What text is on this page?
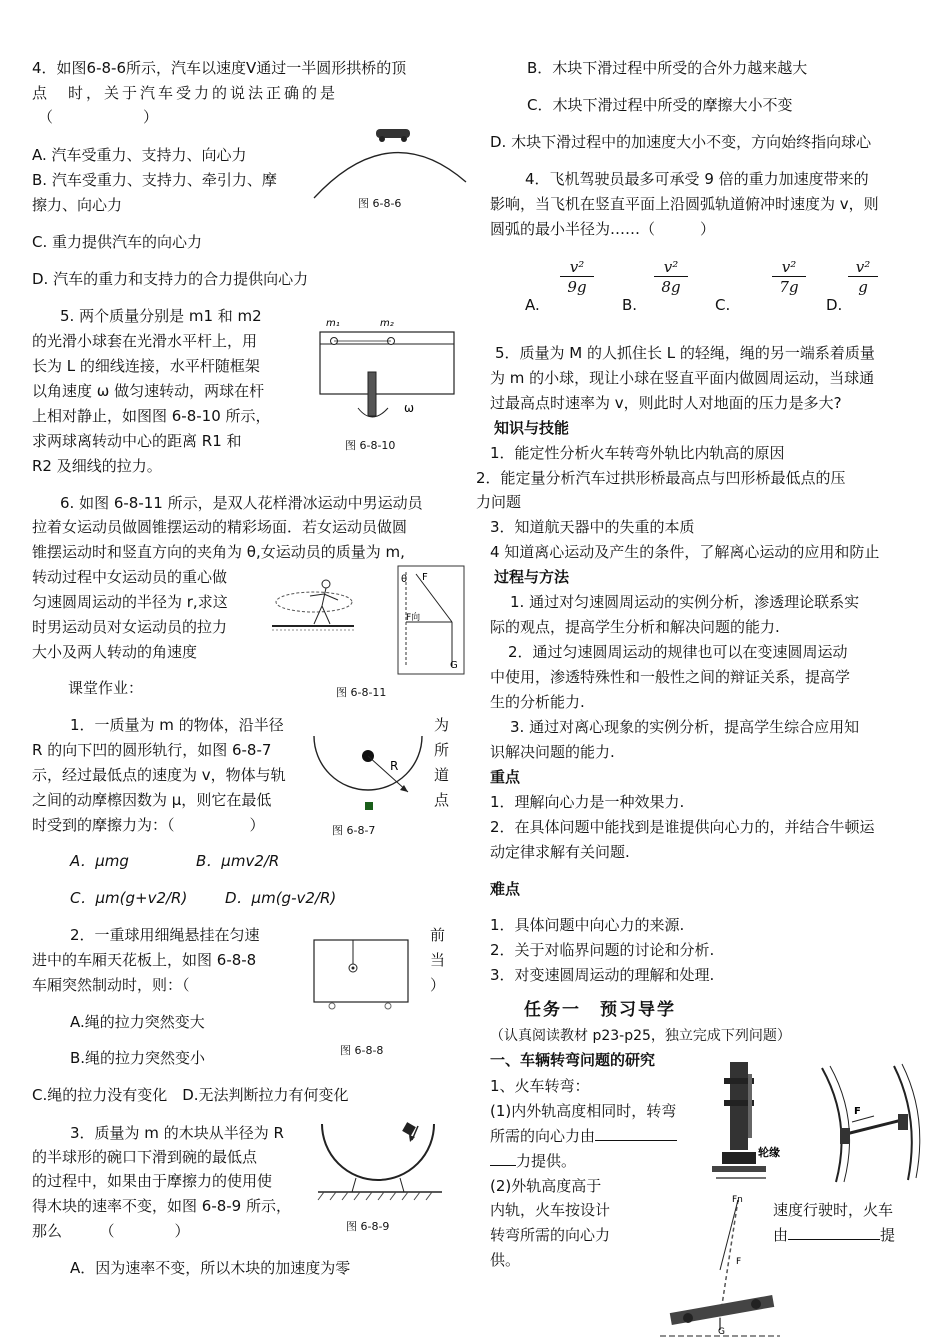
4．如图6-8-6所示，汽车以速度V通过一半圆形拱桥的顶
点　时，关于汽车受力的说法正确的是
（　　　　　　）
A. 汽车受重力、支持力、向心力
B. 汽车受重力、支持力、牵引力、摩
擦力、向心力
C. 重力提供汽车的向心力
D. 汽车的重力和支持力的合力提供向心力
图 6-8-6
5. 两个质量分别是 m1 和 m2
的光滑小球套在光滑水平杆上，用
长为 L 的细线连接，水平杆随框架
以角速度 ω 做匀速转动，两球在杆
上相对静止，如图图 6-8-10 所示，
求两球离转动中心的距离 R1 和
R2 及细线的拉力。
m₁	m₂
ω
图 6-8-10
6. 如图 6-8-11 所示，是双人花样滑冰运动中男运动员
拉着女运动员做圆锥摆运动的精彩场面．若女运动员做圆
锥摆运动时和竖直方向的夹角为 θ,女运动员的质量为 m,
转动过程中女运动员的重心做
匀速圆周运动的半径为 r,求这
时男运动员对女运动员的拉力
大小及两人转动的角速度
θ F
F向
G
课堂作业：	图 6-8-11
1．一质量为 m 的物体，沿半径	为
R 的向下凹的圆形轨行，如图 6-8-7	所
示，经过最低点的速度为 v，物体与轨	道
之间的动摩檫因数为 μ，则它在最低	点
时受到的摩擦力为：（　　　　　）
R
图 6-8-7
A．μmg	B．μmv2/R
C．μm(g+v2/R)	D．μm(g-v2/R)
2．一重球用细绳悬挂在匀速	前
进中的车厢天花板上，如图 6-8-8	当
车厢突然制动时，则：（	）
A.绳的拉力突然变大
图 6-8-8
B.绳的拉力突然变小
C.绳的拉力没有变化　D.无法判断拉力有何变化
3．质量为 m 的木块从半径为 R
的半球形的碗口下滑到碗的最低点
的过程中，如果由于摩擦力的使用使
得木块的速率不变，如图 6-8-9 所示，
那么　　　（　　　　）	图 6-8-9
A．因为速率不变，所以木块的加速度为零
B．木块下滑过程中所受的合外力越来越大
C．木块下滑过程中所受的摩擦大小不变
D. 木块下滑过程中的加速度大小不变，方向始终指向球心
4．飞机驾驶员最多可承受 9 倍的重力加速度带来的
影响，当飞机在竖直平面上沿圆弧轨道俯冲时速度为 v，则
圆弧的最小半径为……（　　　）
A.
$\frac{\text{v²}}{9g}$
B.
$\frac{\text{v²}}{8g}$
C.
$\frac{\text{v²}}{7g}$
D.
$\frac{\text{v²}}{g}$
5．质量为 M 的人抓住长 L 的轻绳，绳的另一端系着质量
为 m 的小球，现让小球在竖直平面内做圆周运动，当球通
过最高点时速率为 v，则此时人对地面的压力是多大?
知识与技能
1．能定性分析火车转弯外轨比内轨高的原因
2．能定量分析汽车过拱形桥最高点与凹形桥最低点的压
力问题
3．知道航天器中的失重的本质
4 知道离心运动及产生的条件，了解离心运动的应用和防止
过程与方法
1. 通过对匀速圆周运动的实例分析，渗透理论联系实
际的观点，提高学生分析和解决问题的能力.
2．通过匀速圆周运动的规律也可以在变速圆周运动
中使用，渗透特殊性和一般性之间的辩证关系，提高学
生的分析能力.
3. 通过对离心现象的实例分析，提高学生综合应用知
识解决问题的能力.
重点
1．理解向心力是一种效果力.
2．在具体问题中能找到是谁提供向心力的，并结合牛顿运
动定律求解有关问题.
难点
1．具体问题中向心力的来源.
2．关于对临界问题的讨论和分析.
3．对变速圆周运动的理解和处理.
任务一　预习导学
（认真阅读教材 p23-p25，独立完成下列问题）
一、车辆转弯问题的研究
1、火车转弯：
(1)内外轨高度相同时，转弯
所需的向心力由
力提供。
(2)外轨高度高于
内轨，火车按设计
转弯所需的向心力
供。
速度行驶时，火车
由	提
轮缘
F
Fn
F
G
